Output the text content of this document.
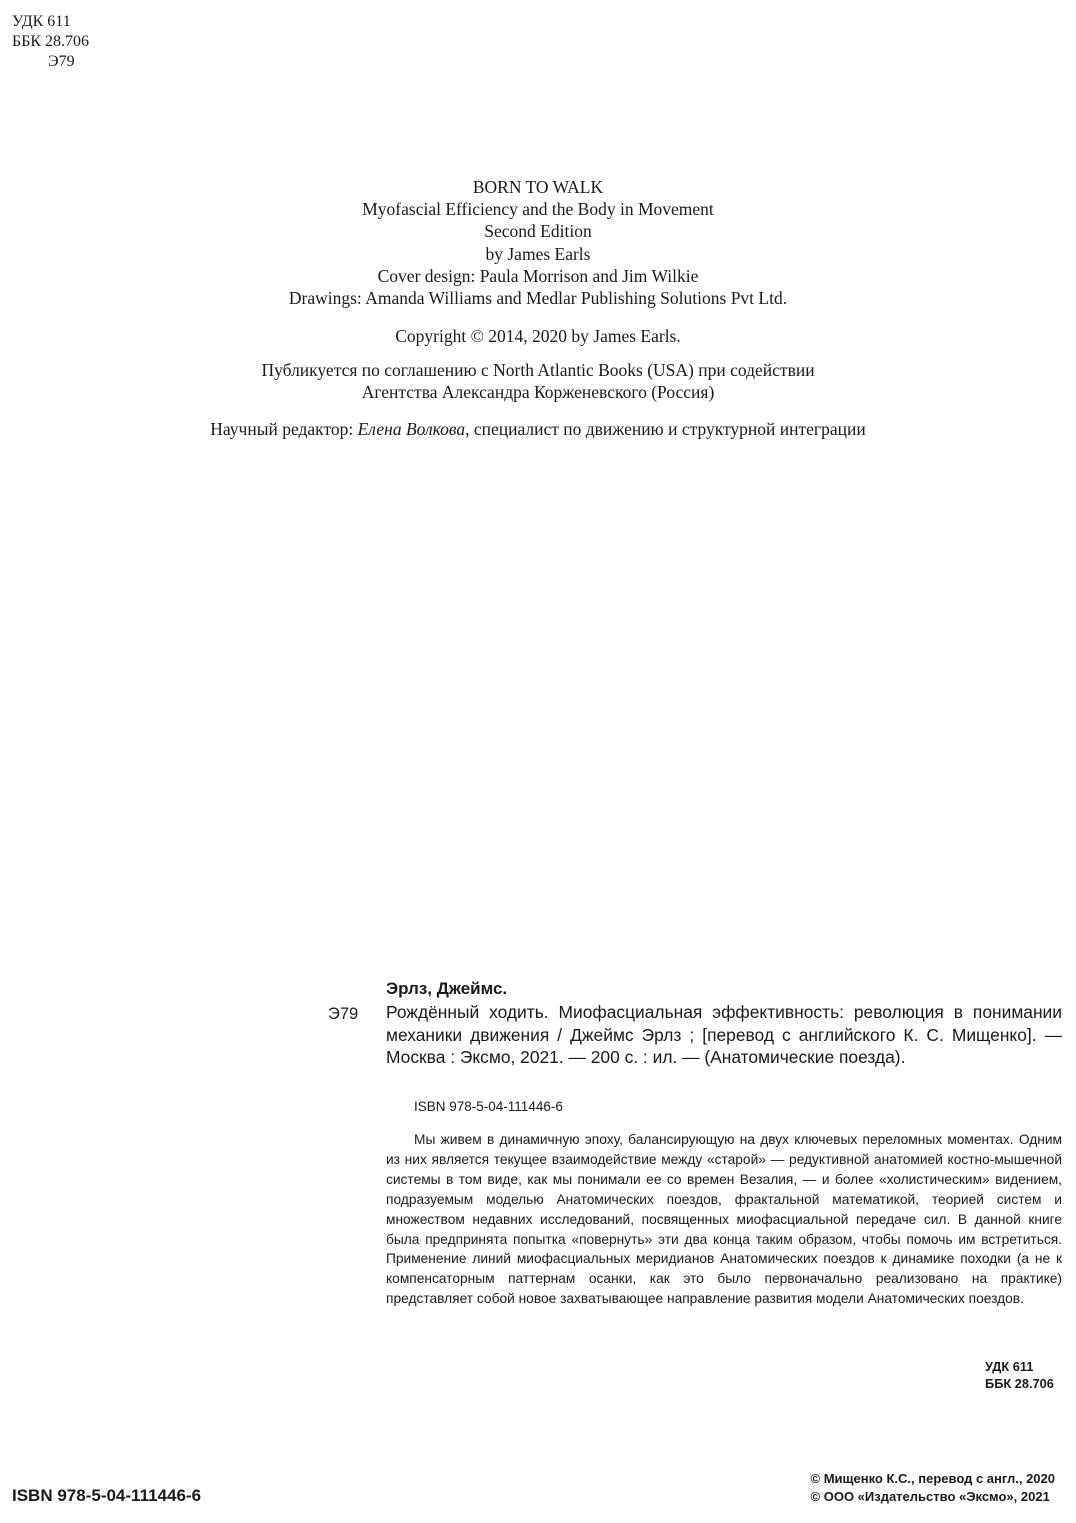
УДК 611
ББК 28.706
Э79
BORN TO WALK
Myofascial Efficiency and the Body in Movement
Second Edition
by James Earls
Cover design: Paula Morrison and Jim Wilkie
Drawings: Amanda Williams and Medlar Publishing Solutions Pvt Ltd.
Copyright © 2014, 2020 by James Earls.
Публикуется по соглашению с North Atlantic Books (USA) при содействии
Агентства Александра Корженевского (Россия)
Научный редактор: Елена Волкова, специалист по движению и структурной интеграции
Эрлз, Джеймс.
Э79 Рождённый ходить. Миофасциальная эффективность: революция в понимании механики движения / Джеймс Эрлз ; [перевод с английского К. С. Мищенко]. — Москва : Эксмо, 2021. — 200 с. : ил. — (Анатомические поезда).
ISBN 978-5-04-111446-6
Мы живем в динамичную эпоху, балансирующую на двух ключевых переломных моментах. Одним из них является текущее взаимодействие между «старой» — редуктивной анатомией костно-мышечной системы в том виде, как мы понимали ее со времен Везалия, — и более «холистическим» видением, подразуемым моделью Анатомических поездов, фрактальной математикой, теорией систем и множеством недавних исследований, посвященных миофасциальной передаче сил. В данной книге была предпринята попытка «повернуть» эти два конца таким образом, чтобы помочь им встретиться. Применение линий миофасциальных меридианов Анатомических поездов к динамике походки (а не к компенсаторным паттернам осанки, как это было первоначально реализовано на практике) представляет собой новое захватывающее направление развития модели Анатомических поездов.
УДК 611
ББК 28.706
ISBN 978-5-04-111446-6
© Мищенко К.С., перевод с англ., 2020
© ООО «Издательство «Эксмо», 2021
